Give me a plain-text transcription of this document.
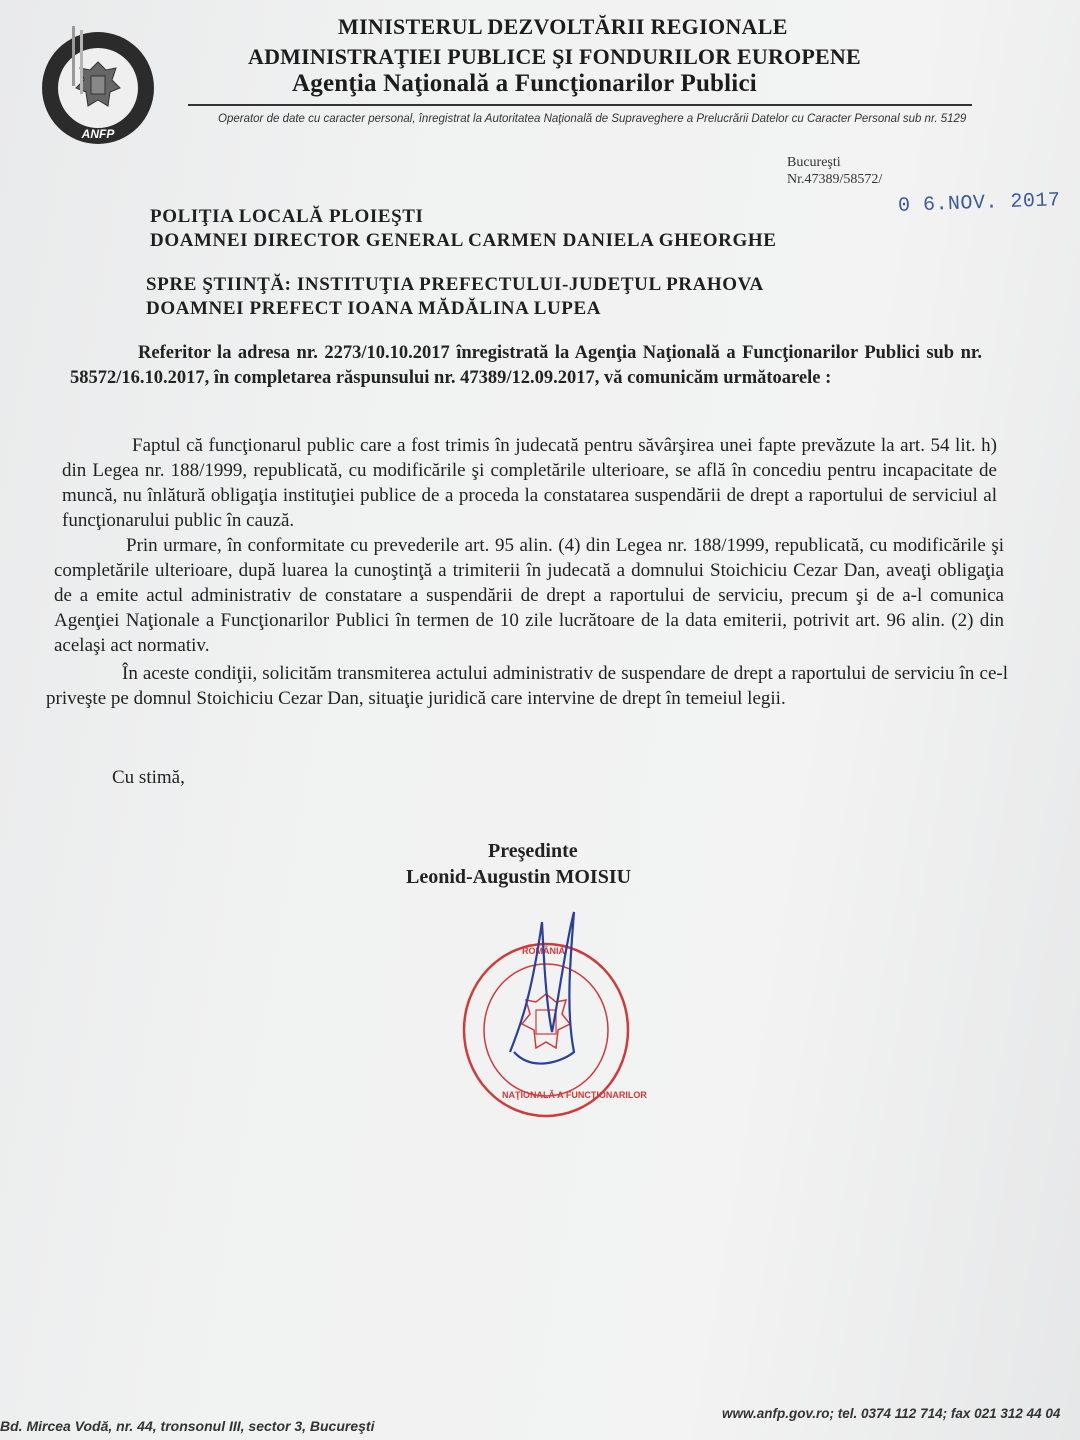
ANFP
MINISTERUL DEZVOLTĂRII REGIONALE
ADMINISTRAŢIEI PUBLICE ŞI FONDURILOR EUROPENE
Agenţia Naţională a Funcţionarilor Publici
Operator de date cu caracter personal, înregistrat la Autoritatea Naţională de Supraveghere a Prelucrării Datelor cu Caracter Personal sub nr. 5129
Bucureşti
Nr.47389/58572/
0 6.NOV. 2017
POLIŢIA LOCALĂ PLOIEŞTI
DOAMNEI DIRECTOR GENERAL CARMEN DANIELA GHEORGHE
SPRE ŞTIINŢĂ: INSTITUŢIA PREFECTULUI-JUDEŢUL PRAHOVA
DOAMNEI PREFECT IOANA MĂDĂLINA LUPEA
Referitor la adresa nr. 2273/10.10.2017 înregistrată la Agenţia Naţională a Funcţionarilor Publici sub nr. 58572/16.10.2017, în completarea răspunsului nr. 47389/12.09.2017, vă comunicăm următoarele :
Faptul că funcţionarul public care a fost trimis în judecată pentru săvârşirea unei fapte prevăzute la art. 54 lit. h) din Legea nr. 188/1999, republicată, cu modificările şi completările ulterioare, se află în concediu pentru incapacitate de muncă, nu înlătură obligaţia instituţiei publice de a proceda la constatarea suspendării de drept a raportului de serviciul al funcţionarului public în cauză.
Prin urmare, în conformitate cu prevederile art. 95 alin. (4) din Legea nr. 188/1999, republicată, cu modificările şi completările ulterioare, după luarea la cunoştinţă a trimiterii în judecată a domnului Stoichiciu Cezar Dan, aveaţi obligaţia de a emite actul administrativ de constatare a suspendării de drept a raportului de serviciu, precum şi de a-l comunica Agenţiei Naţionale a Funcţionarilor Publici în termen de 10 zile lucrătoare de la data emiterii, potrivit art. 96 alin. (2) din acelaşi act normativ.
În aceste condiţii, solicităm transmiterea actului administrativ de suspendare de drept a raportului de serviciu în ce-l priveşte pe domnul Stoichiciu Cezar Dan, situaţie juridică care intervine de drept în temeiul legii.
Cu stimă,
Preşedinte
Leonid-Augustin MOISIU
ROMÂNIA
NAŢIONALĂ A FUNCŢIONARILOR
Bd. Mircea Vodă, nr. 44, tronsonul III, sector 3, Bucureşti
www.anfp.gov.ro; tel. 0374 112 714; fax 021 312 44 04
